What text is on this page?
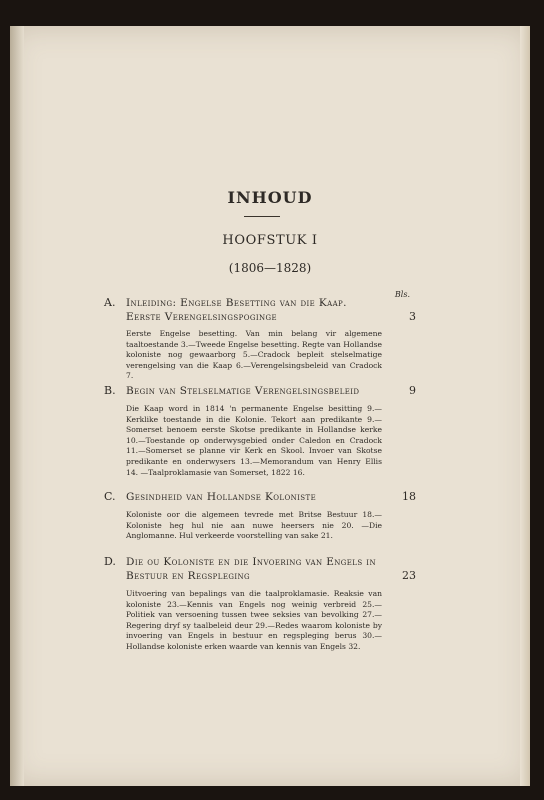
INHOUD
HOOFSTUK I
(1806—1828)
Bls.
A. Inleiding: Engelse Besetting van die Kaap. Eerste Verengelsingspoginge	3
Eerste Engelse besetting. Van min belang vir algemene taaltoestande 3.—Tweede Engelse besetting. Regte van Hollandse koloniste nog gewaarborg 5.—Cradock bepleit stelselmatige verengelsing van die Kaap 6.—Verengelsingsbeleid van Cradock 7.
B. Begin van Stelselmatige Verengelsingsbeleid	9
Die Kaap word in 1814 'n permanente Engelse besitting 9.—Kerklike toestande in die Kolonie. Tekort aan predikante 9.—Somerset benoem eerste Skotse predikante in Hollandse kerke 10.—Toestande op onderwysgebied onder Caledon en Cradock 11.—Somerset se planne vir Kerk en Skool. Invoer van Skotse predikante en onderwysers 13.—Memorandum van Henry Ellis 14. —Taalproklamasie van Somerset, 1822 16.
C. Gesindheid van Hollandse Koloniste	18
Koloniste oor die algemeen tevrede met Britse Bestuur 18.—Koloniste heg hul nie aan nuwe heersers nie 20. —Die Anglomanne. Hul verkeerde voorstelling van sake 21.
D. Die ou Koloniste en die Invoering van Engels in Bestuur en Regspleging	23
Uitvoering van bepalings van die taalproklamasie. Reaksie van koloniste 23.—Kennis van Engels nog weinig verbreid 25.—Politiek van versoening tussen twee seksies van bevolking 27.—Regering dryf sy taalbeleid deur 29.—Redes waarom koloniste by invoering van Engels in bestuur en regspleging berus 30.—Hollandse koloniste erken waarde van kennis van Engels 32.
